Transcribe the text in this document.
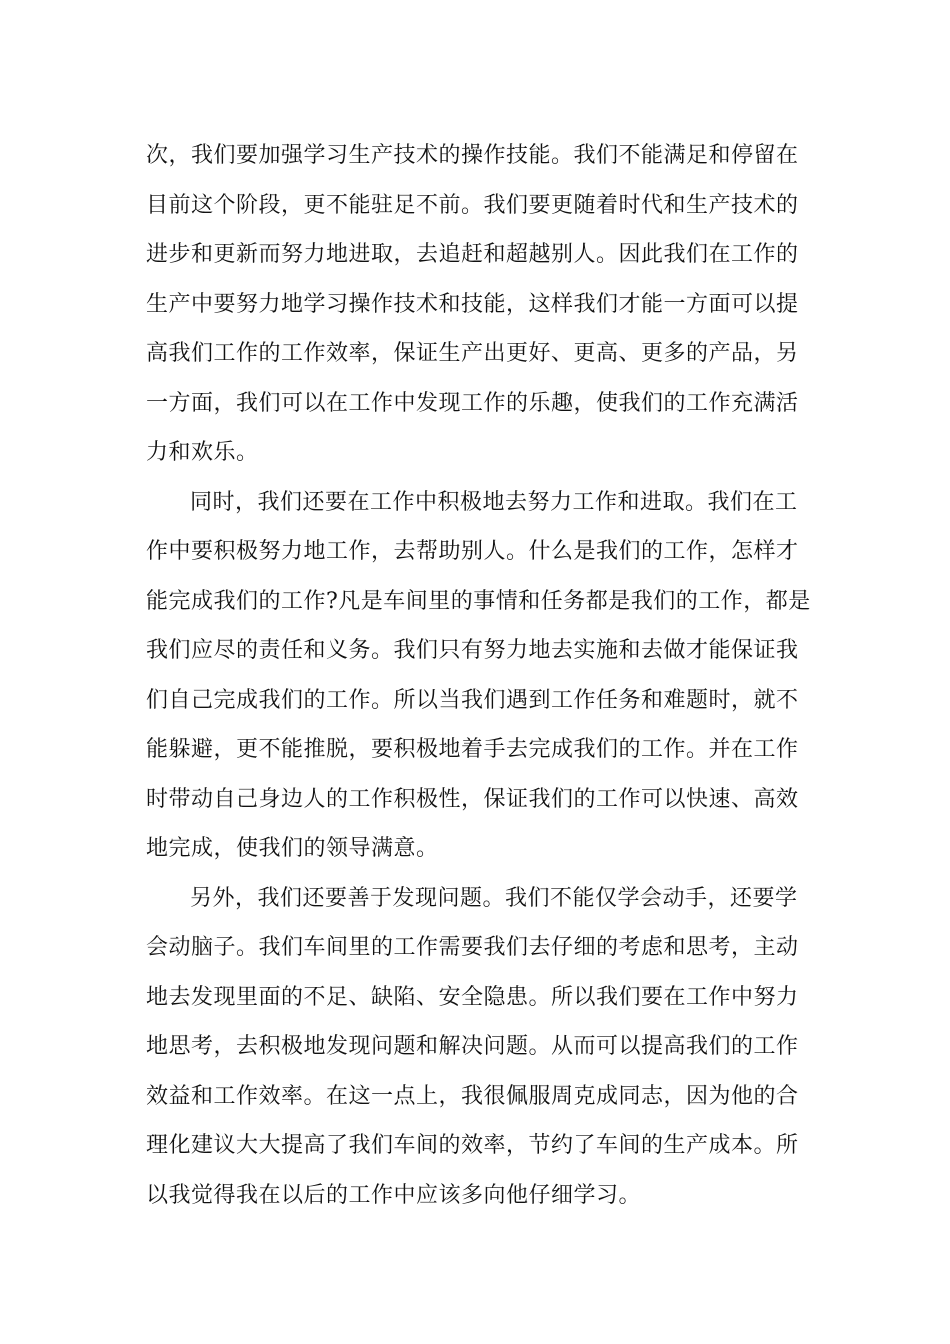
次，我们要加强学习生产技术的操作技能。我们不能满足和停留在
目前这个阶段，更不能驻足不前。我们要更随着时代和生产技术的
进步和更新而努力地进取，去追赶和超越别人。因此我们在工作的
生产中要努力地学习操作技术和技能，这样我们才能一方面可以提
高我们工作的工作效率，保证生产出更好、更高、更多的产品，另
一方面，我们可以在工作中发现工作的乐趣，使我们的工作充满活
力和欢乐。
同时，我们还要在工作中积极地去努力工作和进取。我们在工
作中要积极努力地工作，去帮助别人。什么是我们的工作，怎样才
能完成我们的工作?凡是车间里的事情和任务都是我们的工作，都是
我们应尽的责任和义务。我们只有努力地去实施和去做才能保证我
们自己完成我们的工作。所以当我们遇到工作任务和难题时，就不
能躲避，更不能推脱，要积极地着手去完成我们的工作。并在工作
时带动自己身边人的工作积极性，保证我们的工作可以快速、高效
地完成，使我们的领导满意。
另外，我们还要善于发现问题。我们不能仅学会动手，还要学
会动脑子。我们车间里的工作需要我们去仔细的考虑和思考，主动
地去发现里面的不足、缺陷、安全隐患。所以我们要在工作中努力
地思考，去积极地发现问题和解决问题。从而可以提高我们的工作
效益和工作效率。在这一点上，我很佩服周克成同志，因为他的合
理化建议大大提高了我们车间的效率，节约了车间的生产成本。所
以我觉得我在以后的工作中应该多向他仔细学习。
